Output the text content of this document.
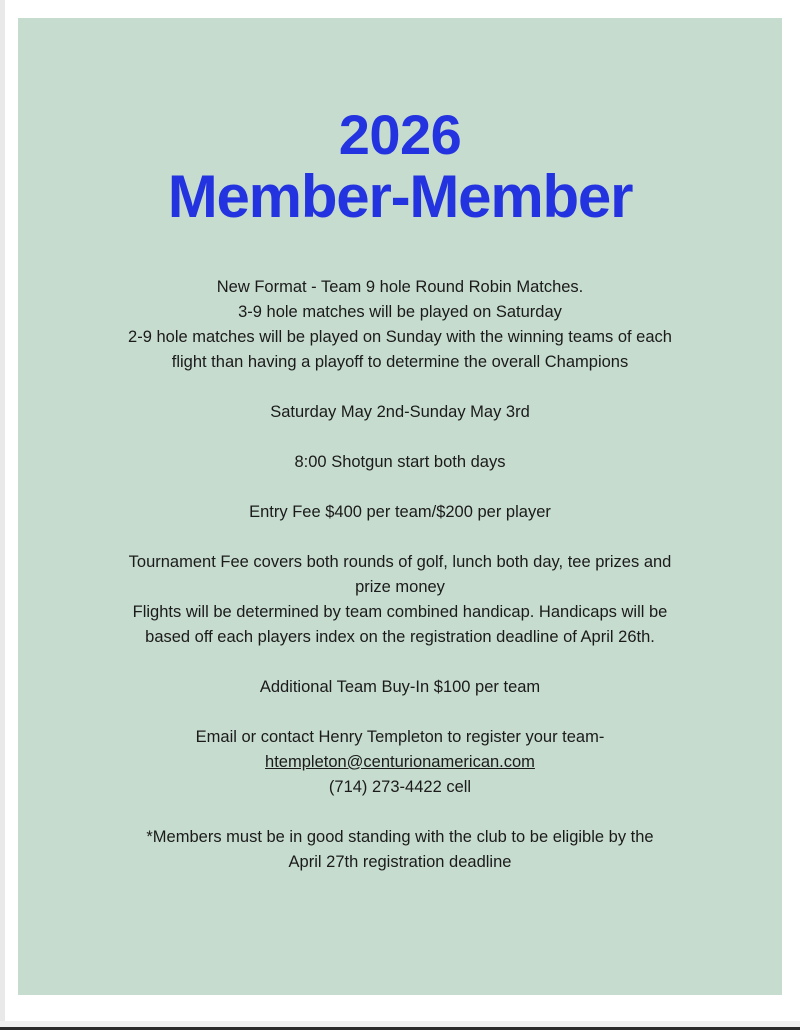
2026
Member-Member
New Format - Team 9 hole Round Robin Matches.
3-9 hole matches will be played on Saturday
2-9 hole matches will be played on Sunday with the winning teams of each
flight than having a playoff to determine the overall Champions
Saturday May 2nd-Sunday May 3rd
8:00 Shotgun start both days
Entry Fee $400 per team/$200 per player
Tournament Fee covers both rounds of golf, lunch both day, tee prizes and
prize money
Flights will be determined by team combined handicap. Handicaps will be
based off each players index on the registration deadline of April 26th.
Additional Team Buy-In $100 per team
Email or contact Henry Templeton to register your team-
htempleton@centurionamerican.com
(714) 273-4422 cell
*Members must be in good standing with the club to be eligible by the
April 27th registration deadline
